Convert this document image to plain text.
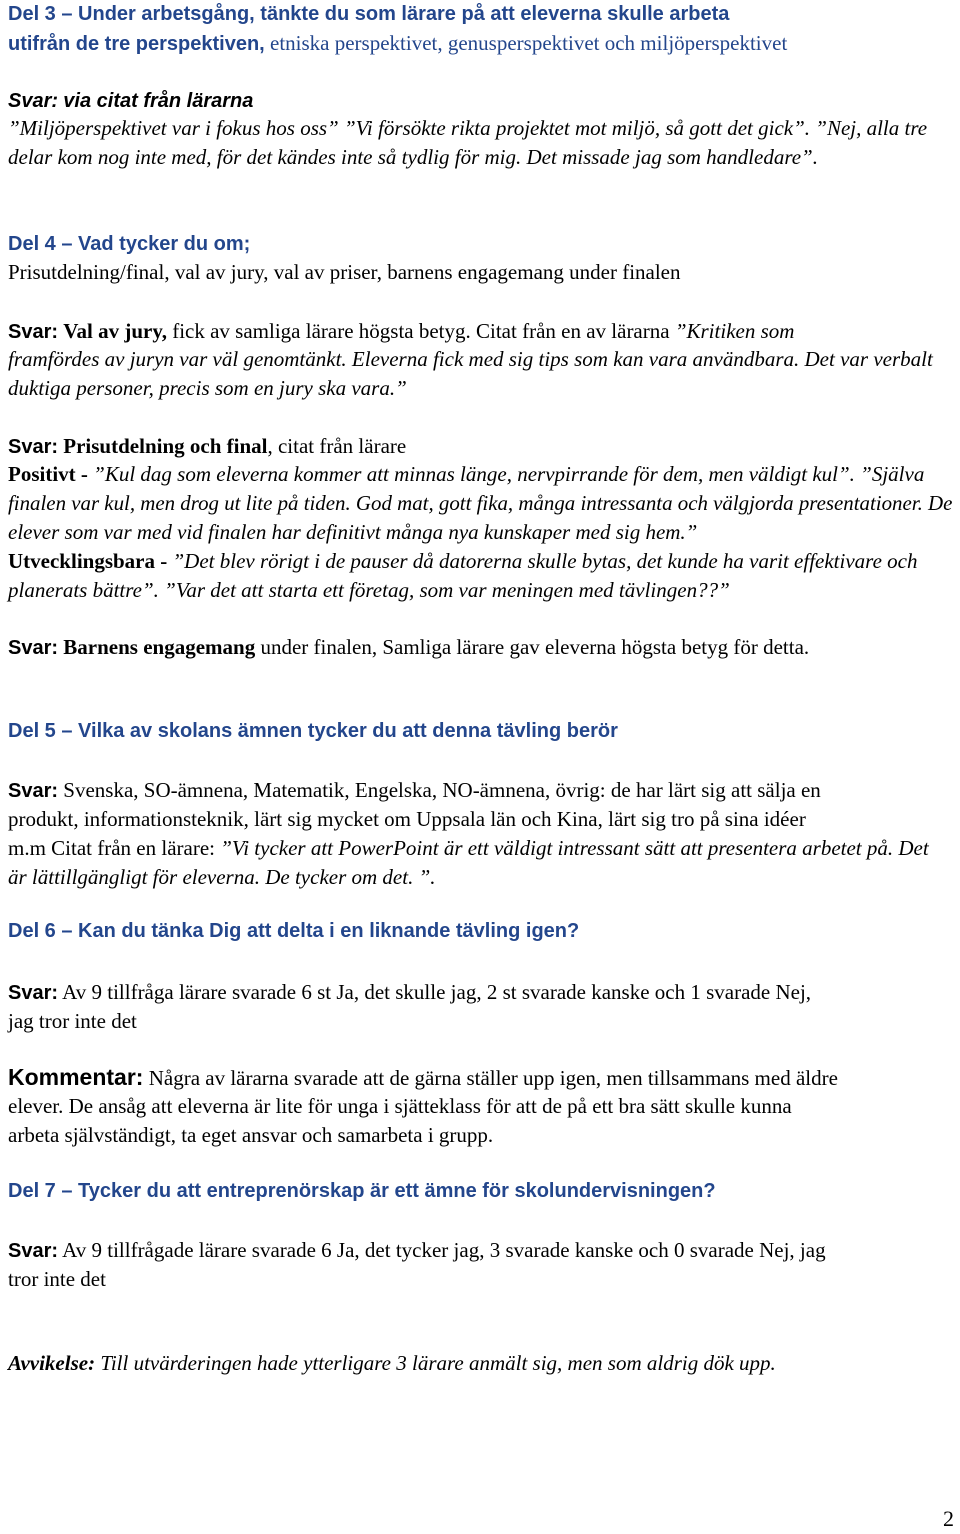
Del 3 – Under arbetsgång, tänkte du som lärare på att eleverna skulle arbeta
utifrån de tre perspektiven, etniska perspektivet, genusperspektivet och miljöperspektivet
Svar: via citat från lärarna
”Miljöperspektivet var i fokus hos oss” ”Vi försökte rikta projektet mot miljö, så gott det gick”. ”Nej, alla tre
delar kom nog inte med, för det kändes inte så tydlig för mig. Det missade jag som handledare”.
Del 4 – Vad tycker du om;
Prisutdelning/final, val av jury, val av priser, barnens engagemang under finalen
Svar: Val av jury, fick av samliga lärare högsta betyg. Citat från en av lärarna ”Kritiken som
framfördes av juryn var väl genomtänkt. Eleverna fick med sig tips som kan vara användbara. Det var verbalt
duktiga personer, precis som en jury ska vara.”
Svar: Prisutdelning och final, citat från lärare
Positivt - ”Kul dag som eleverna kommer att minnas länge, nervpirrande för dem, men väldigt kul”. ”Själva
finalen var kul, men drog ut lite på tiden. God mat, gott fika, många intressanta och välgjorda presentationer. De
elever som var med vid finalen har definitivt många nya kunskaper med sig hem.”
Utvecklingsbara - ”Det blev rörigt i de pauser då datorerna skulle bytas, det kunde ha varit effektivare och
planerats bättre”. ”Var det att starta ett företag, som var meningen med tävlingen??”
Svar: Barnens engagemang under finalen, Samliga lärare gav eleverna högsta betyg för detta.
Del 5 – Vilka av skolans ämnen tycker du att denna tävling berör
Svar: Svenska, SO-ämnena, Matematik, Engelska, NO-ämnena, övrig: de har lärt sig att sälja en
produkt, informationsteknik, lärt sig mycket om Uppsala län och Kina, lärt sig tro på sina idéer
m.m Citat från en lärare: ”Vi tycker att PowerPoint är ett väldigt intressant sätt att presentera arbetet på. Det
är lättillgängligt för eleverna. De tycker om det. ”.
Del 6 – Kan du tänka Dig att delta i en liknande tävling igen?
Svar: Av 9 tillfråga lärare svarade 6 st Ja, det skulle jag, 2 st svarade kanske och 1 svarade Nej,
jag tror inte det
Kommentar: Några av lärarna svarade att de gärna ställer upp igen, men tillsammans med äldre
elever. De ansåg att eleverna är lite för unga i sjätteklass för att de på ett bra sätt skulle kunna
arbeta självständigt, ta eget ansvar och samarbeta i grupp.
Del 7 – Tycker du att entreprenörskap är ett ämne för skolundervisningen?
Svar: Av 9 tillfrågade lärare svarade 6 Ja, det tycker jag, 3 svarade kanske och 0 svarade Nej, jag
tror inte det
Avvikelse: Till utvärderingen hade ytterligare 3 lärare anmält sig, men som aldrig dök upp.
2
